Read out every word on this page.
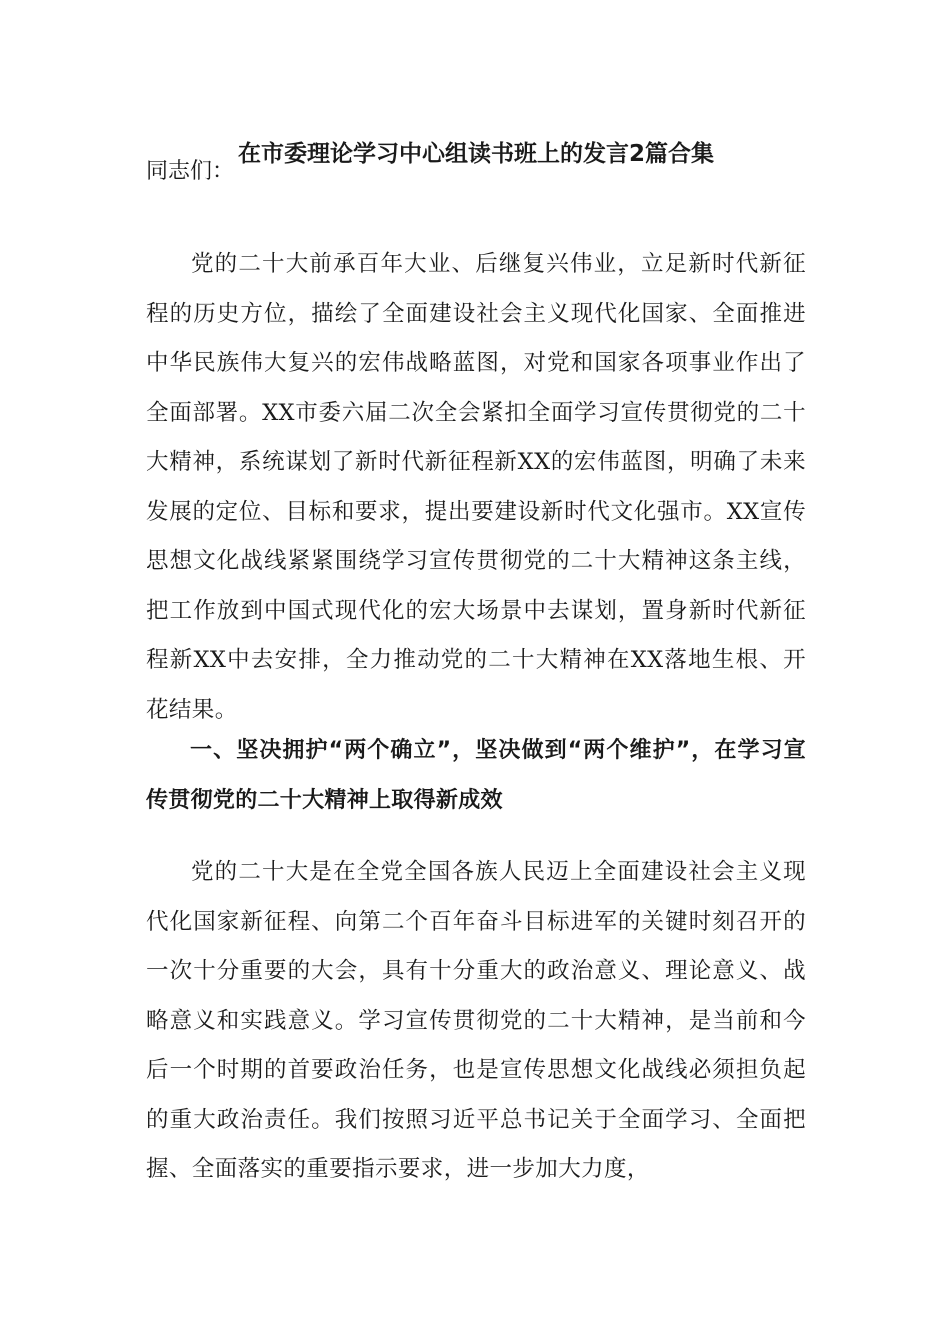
在市委理论学习中心组读书班上的发言2篇合集
同志们：

党的二十大前承百年大业、后继复兴伟业，立足新时代新征程的历史方位，描绘了全面建设社会主义现代化国家、全面推进中华民族伟大复兴的宏伟战略蓝图，对党和国家各项事业作出了全面部署。XX市委六届二次全会紧扣全面学习宣传贯彻党的二十大精神，系统谋划了新时代新征程新XX的宏伟蓝图，明确了未来发展的定位、目标和要求，提出要建设新时代文化强市。XX宣传思想文化战线紧紧围绕学习宣传贯彻党的二十大精神这条主线，把工作放到中国式现代化的宏大场景中去谋划，置身新时代新征程新XX中去安排，全力推动党的二十大精神在XX落地生根、开花结果。

一、坚决拥护“两个确立”，坚决做到“两个维护”，在学习宣传贯彻党的二十大精神上取得新成效

党的二十大是在全党全国各族人民迈上全面建设社会主义现代化国家新征程、向第二个百年奋斗目标进军的关键时刻召开的一次十分重要的大会，具有十分重大的政治意义、理论意义、战略意义和实践意义。学习宣传贯彻党的二十大精神，是当前和今后一个时期的首要政治任务，也是宣传思想文化战线必须担负起的重大政治责任。我们按照习近平总书记关于全面学习、全面把握、全面落实的重要指示要求，进一步加大力度，
